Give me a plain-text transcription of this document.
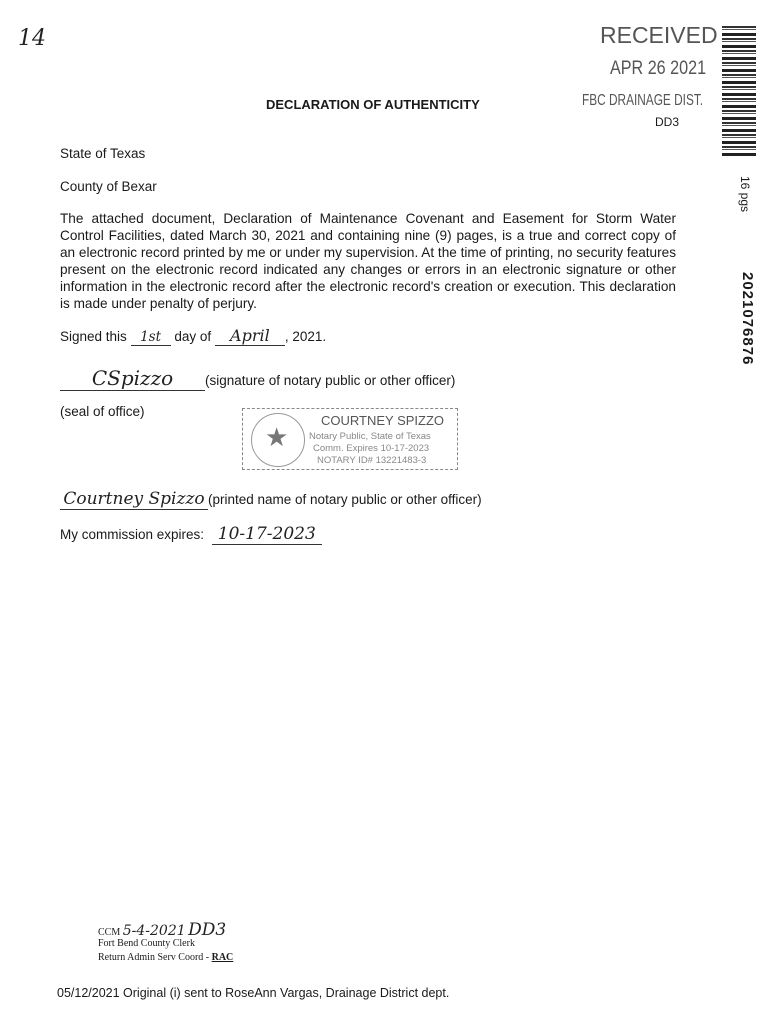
14	RECEIVED
APR 26 2021
FBC DRAINAGE DIST.
DD3
16 pgs
2021076876
DECLARATION OF AUTHENTICITY
State of Texas
County of Bexar
The attached document, Declaration of Maintenance Covenant and Easement for Storm Water Control Facilities, dated March 30, 2021 and containing nine (9) pages, is a true and correct copy of an electronic record printed by me or under my supervision. At the time of printing, no security features present on the electronic record indicated any changes or errors in an electronic signature or other information in the electronic record after the electronic record's creation or execution. This declaration is made under penalty of perjury.
Signed this 1st day of April , 2021.
CSpizzo (signature of notary public or other officer)
(seal of office)
★
COURTNEY SPIZZO
Notary Public, State of Texas
Comm. Expires 10-17-2023
NOTARY ID# 13221483-3
Courtney Spizzo (printed name of notary public or other officer)
My commission expires: 10-17-2023
CCM 5-4-2021 DD3
Fort Bend County Clerk
Return Admin Serv Coord - RAC
05/12/2021 Original (i) sent to RoseAnn Vargas, Drainage District dept.
